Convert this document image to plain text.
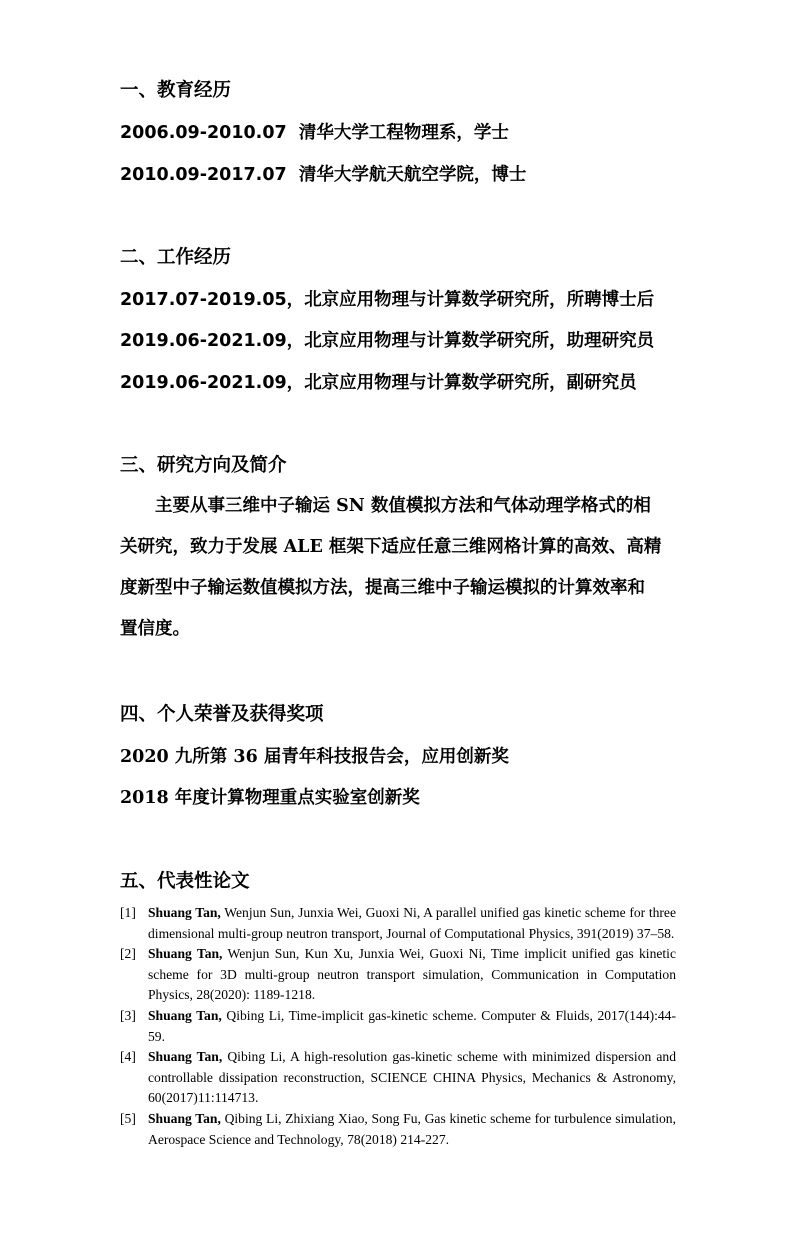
一、教育经历
2006.09-2010.07 清华大学工程物理系，学士
2010.09-2017.07 清华大学航天航空学院，博士
二、工作经历
2017.07-2019.05，北京应用物理与计算数学研究所，所聘博士后
2019.06-2021.09，北京应用物理与计算数学研究所，助理研究员
2019.06-2021.09，北京应用物理与计算数学研究所，副研究员
三、研究方向及简介
　　主要从事三维中子输运 SN 数值模拟方法和气体动理学格式的相
关研究，致力于发展 ALE 框架下适应任意三维网格计算的高效、高精
度新型中子输运数值模拟方法，提高三维中子输运模拟的计算效率和
置信度。
四、个人荣誉及获得奖项
2020 九所第 36 届青年科技报告会，应用创新奖
2018 年度计算物理重点实验室创新奖
五、代表性论文
[1] Shuang Tan, Wenjun Sun, Junxia Wei, Guoxi Ni, A parallel unified gas kinetic scheme for three dimensional multi-group neutron transport, Journal of Computational Physics, 391(2019) 37–58.
[2] Shuang Tan, Wenjun Sun, Kun Xu, Junxia Wei, Guoxi Ni, Time implicit unified gas kinetic scheme for 3D multi-group neutron transport simulation, Communication in Computation Physics, 28(2020): 1189-1218.
[3] Shuang Tan, Qibing Li, Time-implicit gas-kinetic scheme. Computer & Fluids, 2017(144):44-59.
[4] Shuang Tan, Qibing Li, A high-resolution gas-kinetic scheme with minimized dispersion and controllable dissipation reconstruction, SCIENCE CHINA Physics, Mechanics & Astronomy, 60(2017)11:114713.
[5] Shuang Tan, Qibing Li, Zhixiang Xiao, Song Fu, Gas kinetic scheme for turbulence simulation, Aerospace Science and Technology, 78(2018) 214-227.
